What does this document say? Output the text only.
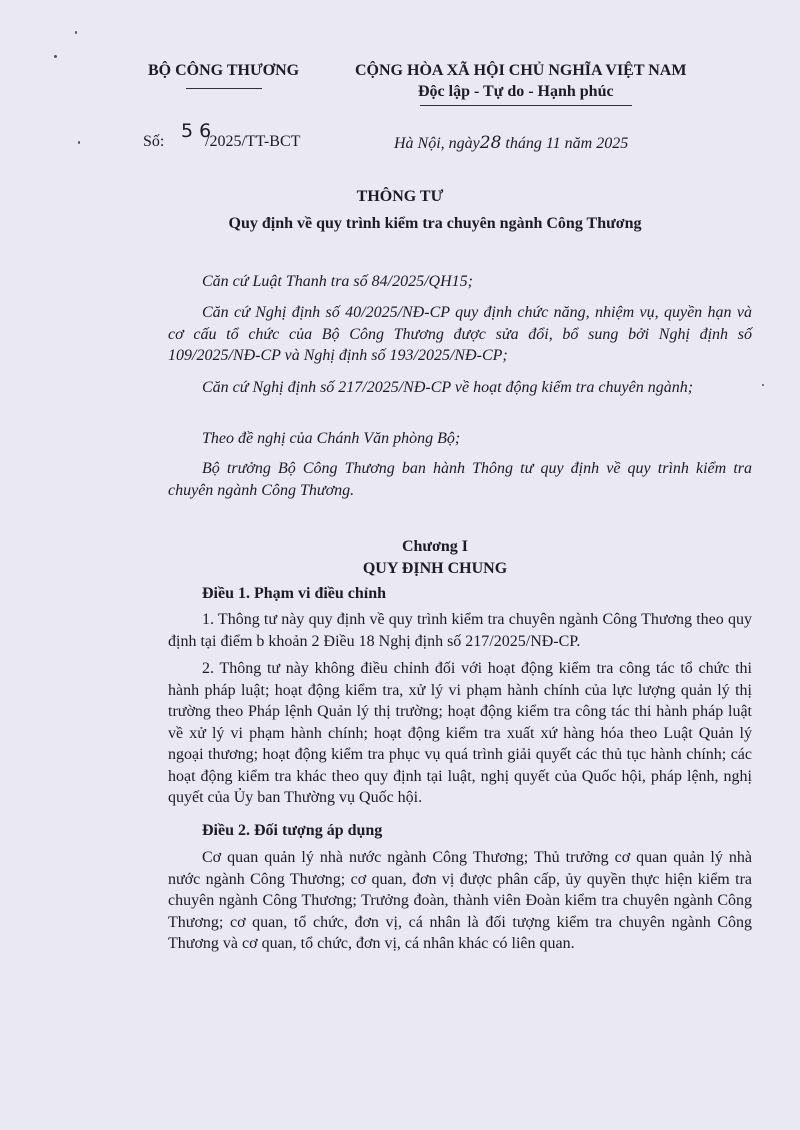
BỘ CÔNG THƯƠNG	CỘNG HÒA XÃ HỘI CHỦ NGHĨA VIỆT NAM
Độc lập - Tự do - Hạnh phúc
Số: 5 6
/2025/TT-BCT	Hà Nội, ngày28 tháng 11 năm 2025
THÔNG TƯ
Quy định về quy trình kiểm tra chuyên ngành Công Thương

Căn cứ Luật Thanh tra số 84/2025/QH15;

Căn cứ Nghị định số 40/2025/NĐ-CP quy định chức năng, nhiệm vụ, quyền hạn và cơ cấu tổ chức của Bộ Công Thương được sửa đổi, bổ sung bởi Nghị định số 109/2025/NĐ-CP và Nghị định số 193/2025/NĐ-CP;

Căn cứ Nghị định số 217/2025/NĐ-CP về hoạt động kiểm tra chuyên ngành;

Theo đề nghị của Chánh Văn phòng Bộ;

Bộ trưởng Bộ Công Thương ban hành Thông tư quy định về quy trình kiểm tra chuyên ngành Công Thương.

Chương I
QUY ĐỊNH CHUNG
Điều 1. Phạm vi điều chỉnh

1. Thông tư này quy định về quy trình kiểm tra chuyên ngành Công Thương theo quy định tại điểm b khoản 2 Điều 18 Nghị định số 217/2025/NĐ-CP.

2. Thông tư này không điều chỉnh đối với hoạt động kiểm tra công tác tổ chức thi hành pháp luật; hoạt động kiểm tra, xử lý vi phạm hành chính của lực lượng quản lý thị trường theo Pháp lệnh Quản lý thị trường; hoạt động kiểm tra công tác thi hành pháp luật về xử lý vi phạm hành chính; hoạt động kiểm tra xuất xứ hàng hóa theo Luật Quản lý ngoại thương; hoạt động kiểm tra phục vụ quá trình giải quyết các thủ tục hành chính; các hoạt động kiểm tra khác theo quy định tại luật, nghị quyết của Quốc hội, pháp lệnh, nghị quyết của Ủy ban Thường vụ Quốc hội.

Điều 2. Đối tượng áp dụng

Cơ quan quản lý nhà nước ngành Công Thương; Thủ trưởng cơ quan quản lý nhà nước ngành Công Thương; cơ quan, đơn vị được phân cấp, ủy quyền thực hiện kiểm tra chuyên ngành Công Thương; Trưởng đoàn, thành viên Đoàn kiểm tra chuyên ngành Công Thương; cơ quan, tổ chức, đơn vị, cá nhân là đối tượng kiểm tra chuyên ngành Công Thương và cơ quan, tổ chức, đơn vị, cá nhân khác có liên quan.
